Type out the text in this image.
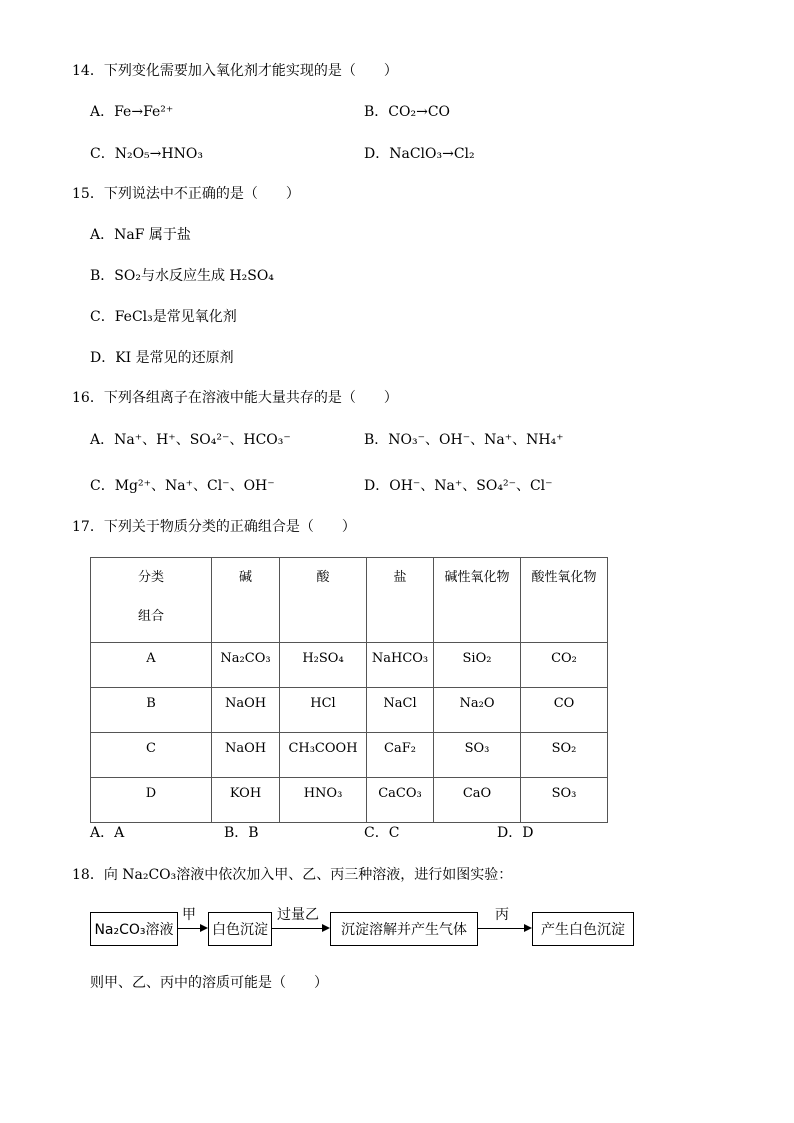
14．下列变化需要加入氧化剂才能实现的是（　　）
A．Fe→Fe²⁺	B．CO₂→CO
C．N₂O₅→HNO₃	D．NaClO₃→Cl₂
15．下列说法中不正确的是（　　）
A．NaF 属于盐
B．SO₂与水反应生成 H₂SO₄
C．FeCl₃是常见氧化剂
D．KI 是常见的还原剂
16．下列各组离子在溶液中能大量共存的是（　　）
A．Na⁺、H⁺、SO₄²⁻、HCO₃⁻	B．NO₃⁻、OH⁻、Na⁺、NH₄⁺
C．Mg²⁺、Na⁺、Cl⁻、OH⁻	D．OH⁻、Na⁺、SO₄²⁻、Cl⁻
17．下列关于物质分类的正确组合是（　　）
分类
组合	碱	酸	盐	碱性氧化物	酸性氧化物
A	Na₂CO₃	H₂SO₄	NaHCO₃	SiO₂	CO₂
B	NaOH	HCl	NaCl	Na₂O	CO
C	NaOH	CH₃COOH	CaF₂	SO₃	SO₂
D	KOH	HNO₃	CaCO₃	CaO	SO₃
A．A	B．B	C．C	D．D
18．向 Na₂CO₃溶液中依次加入甲、乙、丙三种溶液，进行如图实验：
Na₂CO₃溶液
甲
白色沉淀
过量乙
沉淀溶解并产生气体
丙
产生白色沉淀
则甲、乙、丙中的溶质可能是（　　）
